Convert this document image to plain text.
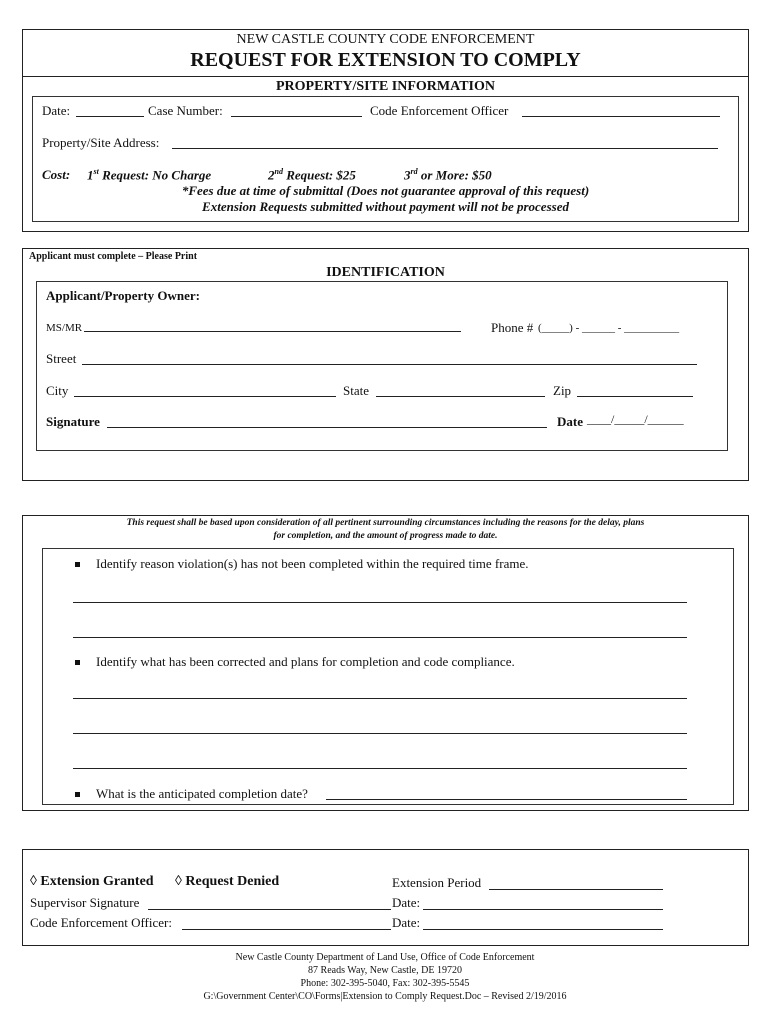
NEW CASTLE COUNTY CODE ENFORCEMENT
REQUEST FOR EXTENSION TO COMPLY
PROPERTY/SITE INFORMATION
Date:	Case Number:	Code Enforcement Officer
Property/Site Address:
Cost: 1st Request: No Charge	2nd Request: $25	3rd or More: $50
*Fees due at time of submittal (Does not guarantee approval of this request)
Extension Requests submitted without payment will not be processed
Applicant must complete – Please Print
IDENTIFICATION
Applicant/Property Owner:
MS/MR	Phone # (_____) - ______ - __________
Street
City	State	Zip
Signature	Date ____/_____/______
This request shall be based upon consideration of all pertinent surrounding circumstances including the reasons for the delay, plans
for completion, and the amount of progress made to date.
Identify reason violation(s) has not been completed within the required time frame.
Identify what has been corrected and plans for completion and code compliance.
What is the anticipated completion date?
◊ Extension Granted ◊ Request Denied	Extension Period
Supervisor Signature	Date:
Code Enforcement Officer:	Date:
New Castle County Department of Land Use, Office of Code Enforcement
87 Reads Way, New Castle, DE 19720
Phone: 302-395-5040, Fax: 302-395-5545
G:\Government Center\CO\Forms|Extension to Comply Request.Doc – Revised 2/19/2016
